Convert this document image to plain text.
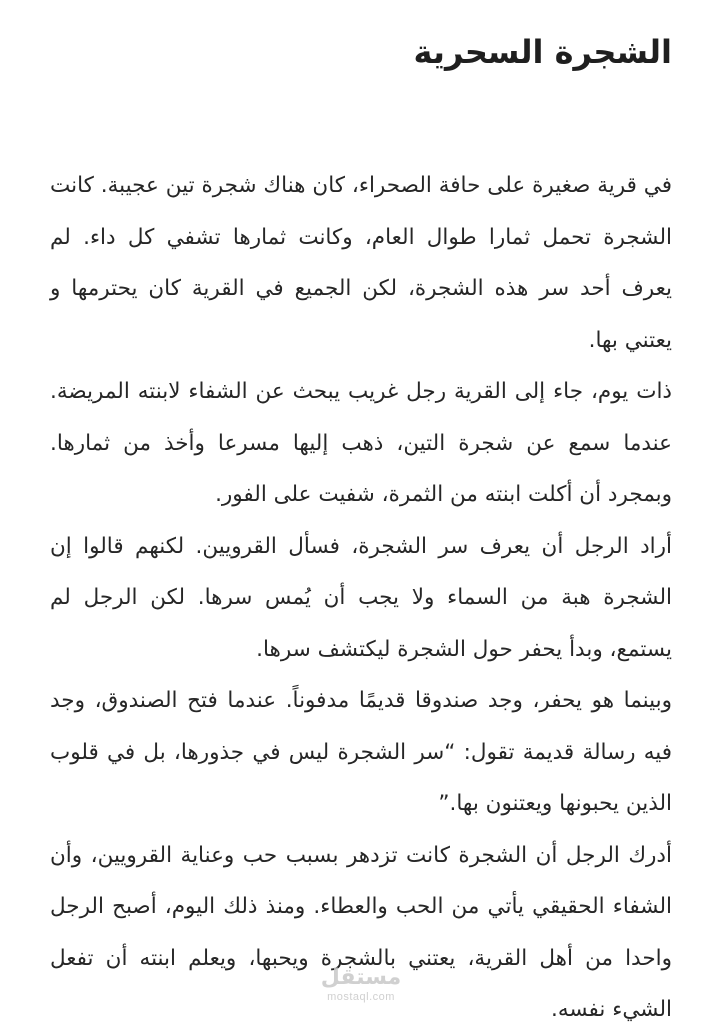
الشجرة السحرية

في قرية صغيرة على حافة الصحراء، كان هناك شجرة تين عجيبة. كانت الشجرة تحمل ثمارا طوال العام، وكانت ثمارها تشفي كل داء. لم يعرف أحد سر هذه الشجرة، لكن الجميع في القرية كان يحترمها و يعتني بها.

ذات يوم، جاء إلى القرية رجل غريب يبحث عن الشفاء لابنته المريضة. عندما سمع عن شجرة التين، ذهب إليها مسرعا وأخذ من ثمارها. وبمجرد أن أكلت ابنته من الثمرة، شفيت على الفور.

أراد الرجل أن يعرف سر الشجرة، فسأل القرويين. لكنهم قالوا إن الشجرة هبة من السماء ولا يجب أن يُمس سرها. لكن الرجل لم يستمع، وبدأ يحفر حول الشجرة ليكتشف سرها.

وبينما هو يحفر، وجد صندوقا قديمًا مدفوناً. عندما فتح الصندوق، وجد فيه رسالة قديمة تقول: “سر الشجرة ليس في جذورها، بل في قلوب الذين يحبونها ويعتنون بها.”

أدرك الرجل أن الشجرة كانت تزدهر بسبب حب وعناية القرويين، وأن الشفاء الحقيقي يأتي من الحب والعطاء. ومنذ ذلك اليوم، أصبح الرجل واحدا من أهل القرية، يعتني بالشجرة ويحبها، ويعلم ابنته أن تفعل الشيء نفسه.

مستقل
mostaql.com
